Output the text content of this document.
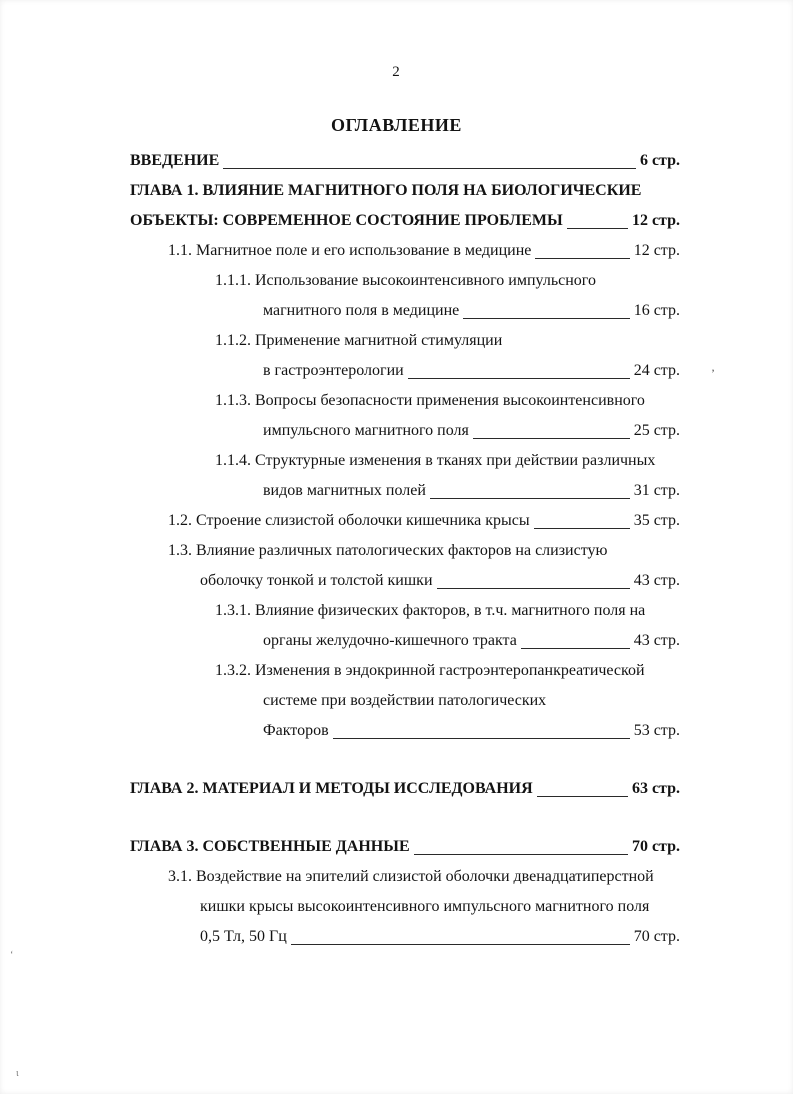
2
ОГЛАВЛЕНИЕ
ВВЕДЕНИЕ	6 стр.
ГЛАВА 1. ВЛИЯНИЕ МАГНИТНОГО ПОЛЯ НА БИОЛОГИЧЕСКИЕ
ОБЪЕКТЫ: СОВРЕМЕННОЕ СОСТОЯНИЕ ПРОБЛЕМЫ	12 стр.
1.1. Магнитное поле и его использование в медицине	12 стр.
1.1.1. Использование высокоинтенсивного импульсного
магнитного поля в медицине	16 стр.
1.1.2. Применение магнитной стимуляции
в гастроэнтерологии	24 стр.
1.1.3. Вопросы безопасности применения высокоинтенсивного
импульсного магнитного поля	25 стр.
1.1.4. Структурные изменения в тканях при действии различных
видов магнитных полей	31 стр.
1.2. Строение слизистой оболочки кишечника крысы	35 стр.
1.3. Влияние различных патологических факторов на слизистую
оболочку тонкой и толстой кишки	43 стр.
1.3.1. Влияние физических факторов, в т.ч. магнитного поля на
органы желудочно-кишечного тракта	43 стр.
1.3.2. Изменения в эндокринной гастроэнтеропанкреатической
системе при воздействии патологических
Факторов	53 стр.
ГЛАВА 2. МАТЕРИАЛ И МЕТОДЫ ИССЛЕДОВАНИЯ	63 стр.
ГЛАВА 3. СОБСТВЕННЫЕ ДАННЫЕ	70 стр.
3.1. Воздействие на эпителий слизистой оболочки двенадцатиперстной
кишки крысы высокоинтенсивного импульсного магнитного поля
0,5 Тл, 50 Гц	70 стр.
’
ʻ
ι
